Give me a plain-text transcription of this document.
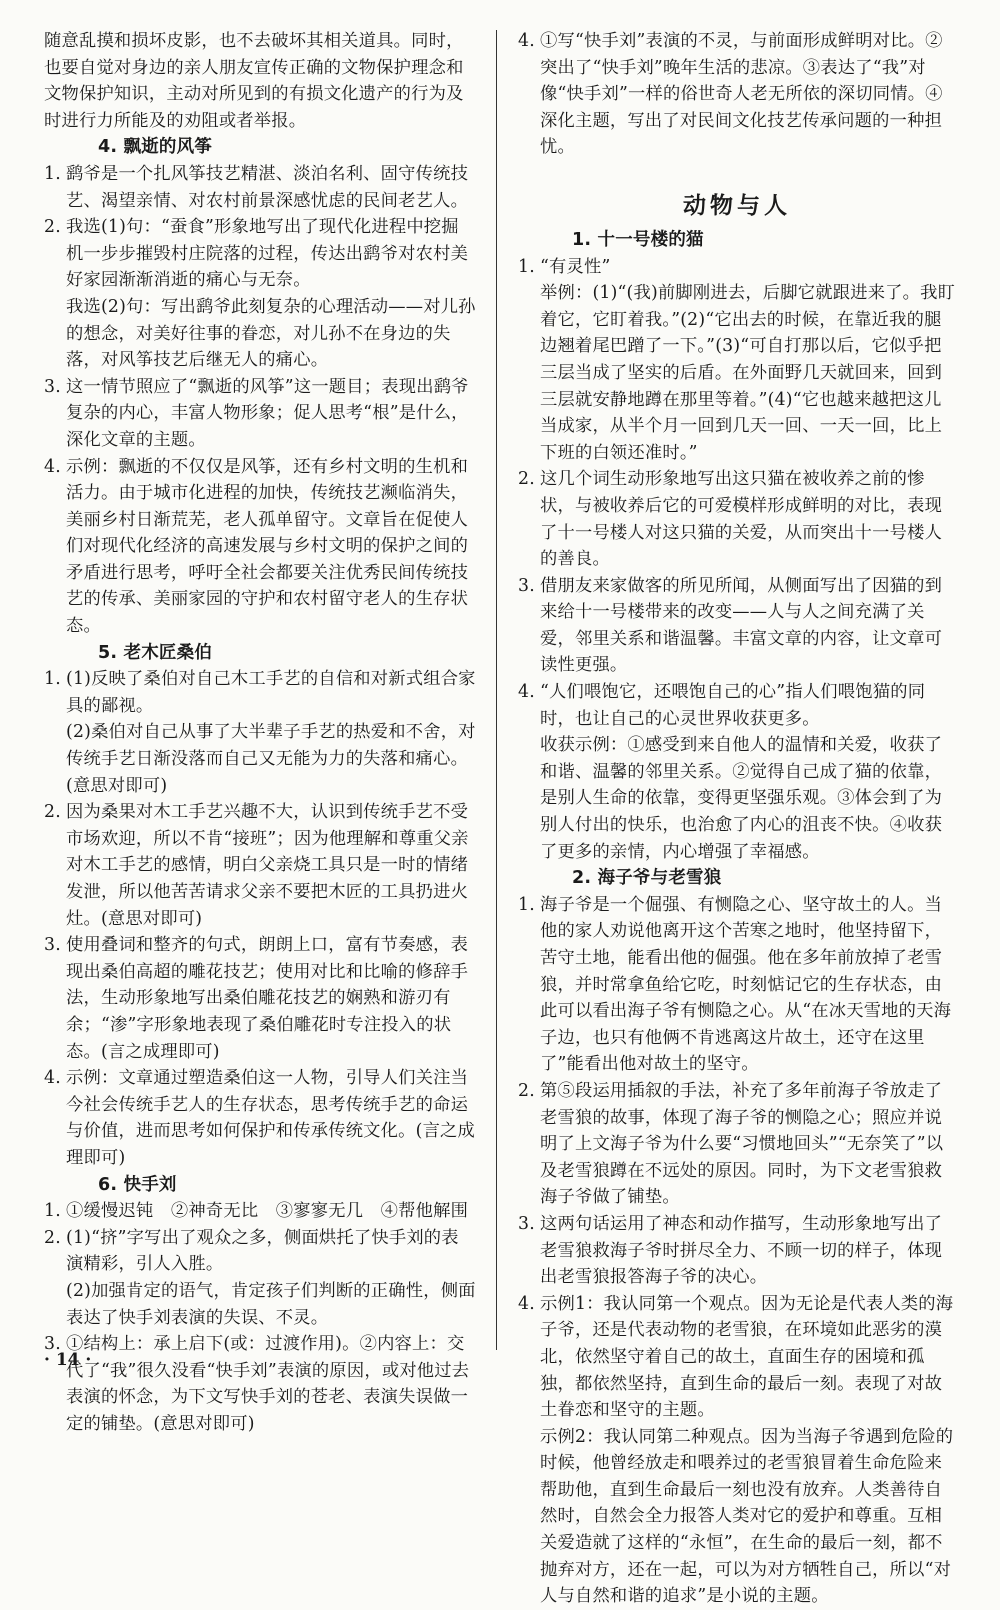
随意乱摸和损坏皮影，也不去破坏其相关道具。同时，也要自觉对身边的亲人朋友宣传正确的文物保护理念和文物保护知识，主动对所见到的有损文化遗产的行为及时进行力所能及的劝阻或者举报。
4. 飘逝的风筝
1. 鹞爷是一个扎风筝技艺精湛、淡泊名利、固守传统技艺、渴望亲情、对农村前景深感忧虑的民间老艺人。
2. 我选(1)句：“蚕食”形象地写出了现代化进程中挖掘机一步步摧毁村庄院落的过程，传达出鹞爷对农村美好家园渐渐消逝的痛心与无奈。
我选(2)句：写出鹞爷此刻复杂的心理活动——对儿孙的想念，对美好往事的眷恋，对儿孙不在身边的失落，对风筝技艺后继无人的痛心。
3. 这一情节照应了“飘逝的风筝”这一题目；表现出鹞爷复杂的内心，丰富人物形象；促人思考“根”是什么，深化文章的主题。
4. 示例：飘逝的不仅仅是风筝，还有乡村文明的生机和活力。由于城市化进程的加快，传统技艺濒临消失，美丽乡村日渐荒芜，老人孤单留守。文章旨在促使人们对现代化经济的高速发展与乡村文明的保护之间的矛盾进行思考，呼吁全社会都要关注优秀民间传统技艺的传承、美丽家园的守护和农村留守老人的生存状态。
5. 老木匠桑伯
1. (1)反映了桑伯对自己木工手艺的自信和对新式组合家具的鄙视。
(2)桑伯对自己从事了大半辈子手艺的热爱和不舍，对传统手艺日渐没落而自己又无能为力的失落和痛心。(意思对即可)
2. 因为桑果对木工手艺兴趣不大，认识到传统手艺不受市场欢迎，所以不肯“接班”；因为他理解和尊重父亲对木工手艺的感情，明白父亲烧工具只是一时的情绪发泄，所以他苦苦请求父亲不要把木匠的工具扔进火灶。(意思对即可)
3. 使用叠词和整齐的句式，朗朗上口，富有节奏感，表现出桑伯高超的雕花技艺；使用对比和比喻的修辞手法，生动形象地写出桑伯雕花技艺的娴熟和游刃有余；“渗”字形象地表现了桑伯雕花时专注投入的状态。(言之成理即可)
4. 示例：文章通过塑造桑伯这一人物，引导人们关注当今社会传统手艺人的生存状态，思考传统手艺的命运与价值，进而思考如何保护和传承传统文化。(言之成理即可)
6. 快手刘
1. ①缓慢迟钝　②神奇无比　③寥寥无几　④帮他解围
2. (1)“挤”字写出了观众之多，侧面烘托了快手刘的表演精彩，引人入胜。
(2)加强肯定的语气，肯定孩子们判断的正确性，侧面表达了快手刘表演的失误、不灵。
3. ①结构上：承上启下(或：过渡作用)。②内容上：交代了“我”很久没看“快手刘”表演的原因，或对他过去表演的怀念，为下文写快手刘的苍老、表演失误做一定的铺垫。(意思对即可)
4. ①写“快手刘”表演的不灵，与前面形成鲜明对比。②突出了“快手刘”晚年生活的悲凉。③表达了“我”对像“快手刘”一样的俗世奇人老无所依的深切同情。④深化主题，写出了对民间文化技艺传承问题的一种担忧。
动物与人
1. 十一号楼的猫
1. “有灵性”
举例：(1)“(我)前脚刚进去，后脚它就跟进来了。我盯着它，它盯着我。”(2)“它出去的时候，在靠近我的腿边翘着尾巴蹭了一下。”(3)“可自打那以后，它似乎把三层当成了坚实的后盾。在外面野几天就回来，回到三层就安静地蹲在那里等着。”(4)“它也越来越把这儿当成家，从半个月一回到几天一回、一天一回，比上下班的白领还准时。”
2. 这几个词生动形象地写出这只猫在被收养之前的惨状，与被收养后它的可爱模样形成鲜明的对比，表现了十一号楼人对这只猫的关爱，从而突出十一号楼人的善良。
3. 借朋友来家做客的所见所闻，从侧面写出了因猫的到来给十一号楼带来的改变——人与人之间充满了关爱，邻里关系和谐温馨。丰富文章的内容，让文章可读性更强。
4. “人们喂饱它，还喂饱自己的心”指人们喂饱猫的同时，也让自己的心灵世界收获更多。
收获示例：①感受到来自他人的温情和关爱，收获了和谐、温馨的邻里关系。②觉得自己成了猫的依靠，是别人生命的依靠，变得更坚强乐观。③体会到了为别人付出的快乐，也治愈了内心的沮丧不快。④收获了更多的亲情，内心增强了幸福感。
2. 海子爷与老雪狼
1. 海子爷是一个倔强、有恻隐之心、坚守故土的人。当他的家人劝说他离开这个苦寒之地时，他坚持留下，苦守土地，能看出他的倔强。他在多年前放掉了老雪狼，并时常拿鱼给它吃，时刻惦记它的生存状态，由此可以看出海子爷有恻隐之心。从“在冰天雪地的天海子边，也只有他俩不肯逃离这片故土，还守在这里了”能看出他对故土的坚守。
2. 第⑤段运用插叙的手法，补充了多年前海子爷放走了老雪狼的故事，体现了海子爷的恻隐之心；照应并说明了上文海子爷为什么要“习惯地回头”“无奈笑了”以及老雪狼蹲在不远处的原因。同时，为下文老雪狼救海子爷做了铺垫。
3. 这两句话运用了神态和动作描写，生动形象地写出了老雪狼救海子爷时拼尽全力、不顾一切的样子，体现出老雪狼报答海子爷的决心。
4. 示例1：我认同第一个观点。因为无论是代表人类的海子爷，还是代表动物的老雪狼，在环境如此恶劣的漠北，依然坚守着自己的故土，直面生存的困境和孤独，都依然坚持，直到生命的最后一刻。表现了对故土眷恋和坚守的主题。
示例2：我认同第二种观点。因为当海子爷遇到危险的时候，他曾经放走和喂养过的老雪狼冒着生命危险来帮助他，直到生命最后一刻也没有放弃。人类善待自然时，自然会全力报答人类对它的爱护和尊重。互相关爱造就了这样的“永恒”，在生命的最后一刻，都不抛弃对方，还在一起，可以为对方牺牲自己，所以“对人与自然和谐的追求”是小说的主题。
· 14 ·
